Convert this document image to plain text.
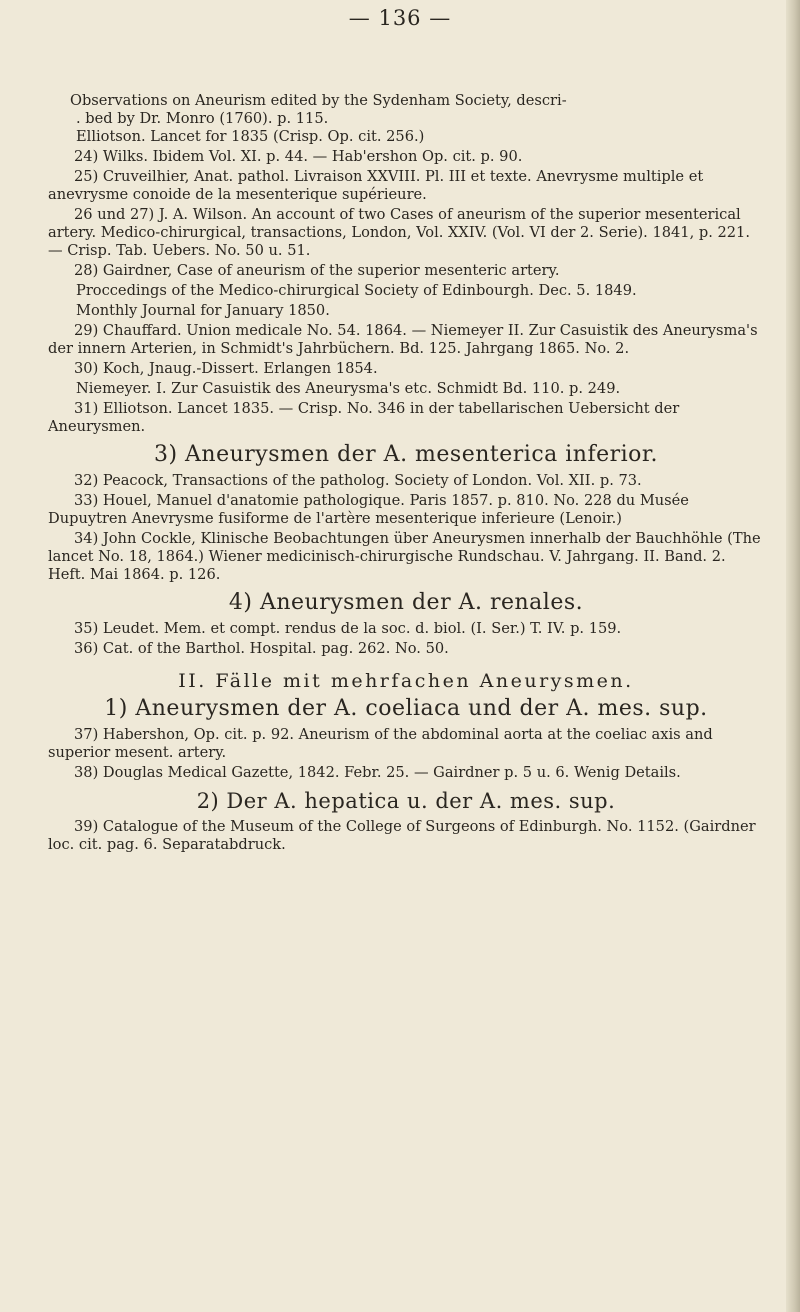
— 136 —

Observations on Aneurism edited by the Sydenham Society, descri-

. bed by Dr. Monro (1760). p. 115.

Elliotson. Lancet for 1835 (Crisp. Op. cit. 256.)

24) Wilks. Ibidem Vol. XI. p. 44. — Hab'ershon Op. cit. p. 90.

25) Cruveilhier, Anat. pathol. Livraison XXVIII. Pl. III et texte. Anevrysme multiple et anevrysme conoide de la mesenterique supérieure.

26 und 27) J. A. Wilson. An account of two Cases of aneurism of the superior mesenterical artery. Medico-chirurgical, transactions, London, Vol. XXIV. (Vol. VI der 2. Serie). 1841, p. 221. — Crisp. Tab. Uebers. No. 50 u. 51.

28) Gairdner, Case of aneurism of the superior mesenteric artery.

Proccedings of the Medico-chirurgical Society of Edinbourgh. Dec. 5. 1849.

Monthly Journal for January 1850.

29) Chauffard. Union medicale No. 54. 1864. — Niemeyer II. Zur Casuistik des Aneurysma's der innern Arterien, in Schmidt's Jahrbüchern. Bd. 125. Jahrgang 1865. No. 2.

30) Koch, Jnaug.-Dissert. Erlangen 1854.

Niemeyer. I. Zur Casuistik des Aneurysma's etc. Schmidt Bd. 110. p. 249.

31) Elliotson. Lancet 1835. — Crisp. No. 346 in der tabellarischen Uebersicht der Aneurysmen.

3) Aneurysmen der A. mesenterica inferior.

32) Peacock, Transactions of the patholog. Society of London. Vol. XII. p. 73.

33) Houel, Manuel d'anatomie pathologique. Paris 1857. p. 810. No. 228 du Musée Dupuytren Anevrysme fusiforme de l'artère mesenterique inferieure (Lenoir.)

34) John Cockle, Klinische Beobachtungen über Aneurysmen innerhalb der Bauchhöhle (The lancet No. 18, 1864.) Wiener medicinisch-chirurgische Rundschau. V. Jahrgang. II. Band. 2. Heft. Mai 1864. p. 126.

4) Aneurysmen der A. renales.

35) Leudet. Mem. et compt. rendus de la soc. d. biol. (I. Ser.) T. IV. p. 159.

36) Cat. of the Barthol. Hospital. pag. 262. No. 50.

II. Fälle mit mehrfachen Aneurysmen.
1) Aneurysmen der A. coeliaca und der A. mes. sup.

37) Habershon, Op. cit. p. 92. Aneurism of the abdominal aorta at the coeliac axis and superior mesent. artery.

38) Douglas Medical Gazette, 1842. Febr. 25. — Gairdner p. 5 u. 6. Wenig Details.

2) Der A. hepatica u. der A. mes. sup.

39) Catalogue of the Museum of the College of Surgeons of Edinburgh. No. 1152. (Gairdner loc. cit. pag. 6. Separatabdruck.
